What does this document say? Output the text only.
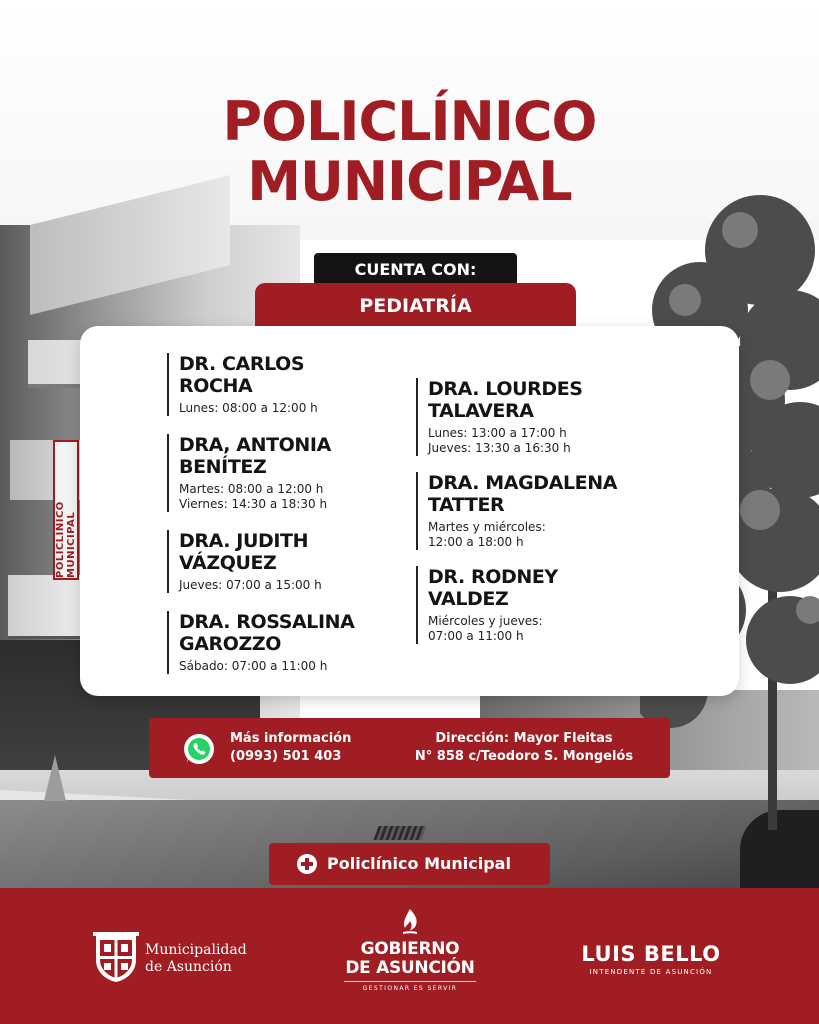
POLICLÍNICO MUNICIPAL
POLICLÍNICO
MUNICIPAL
CUENTA CON:
PEDIATRÍA
DR. CARLOS ROCHA
Lunes: 08:00 a 12:00 h
DRA, ANTONIA BENÍTEZ
Martes: 08:00 a 12:00 h
Viernes: 14:30 a 18:30 h
DRA. JUDITH VÁZQUEZ
Jueves: 07:00 a 15:00 h
DRA. ROSSALINA GAROZZO
Sábado: 07:00 a 11:00 h
DRA. LOURDES TALAVERA
Lunes: 13:00 a 17:00 h
Jueves: 13:30 a 16:30 h
DRA. MAGDALENA TATTER
Martes y miércoles:
12:00 a 18:00 h
DR. RODNEY VALDEZ
Miércoles y jueves:
07:00 a 11:00 h
Más información
(0993) 501 403
Dirección: Mayor Fleitas
N° 858 c/Teodoro S. Mongelós
Policlínico Municipal
Municipalidad
de Asunción
GOBIERNO
DE ASUNCIÓN
GESTIONAR ES SERVIR
LUIS BELLO
INTENDENTE DE ASUNCIÓN
